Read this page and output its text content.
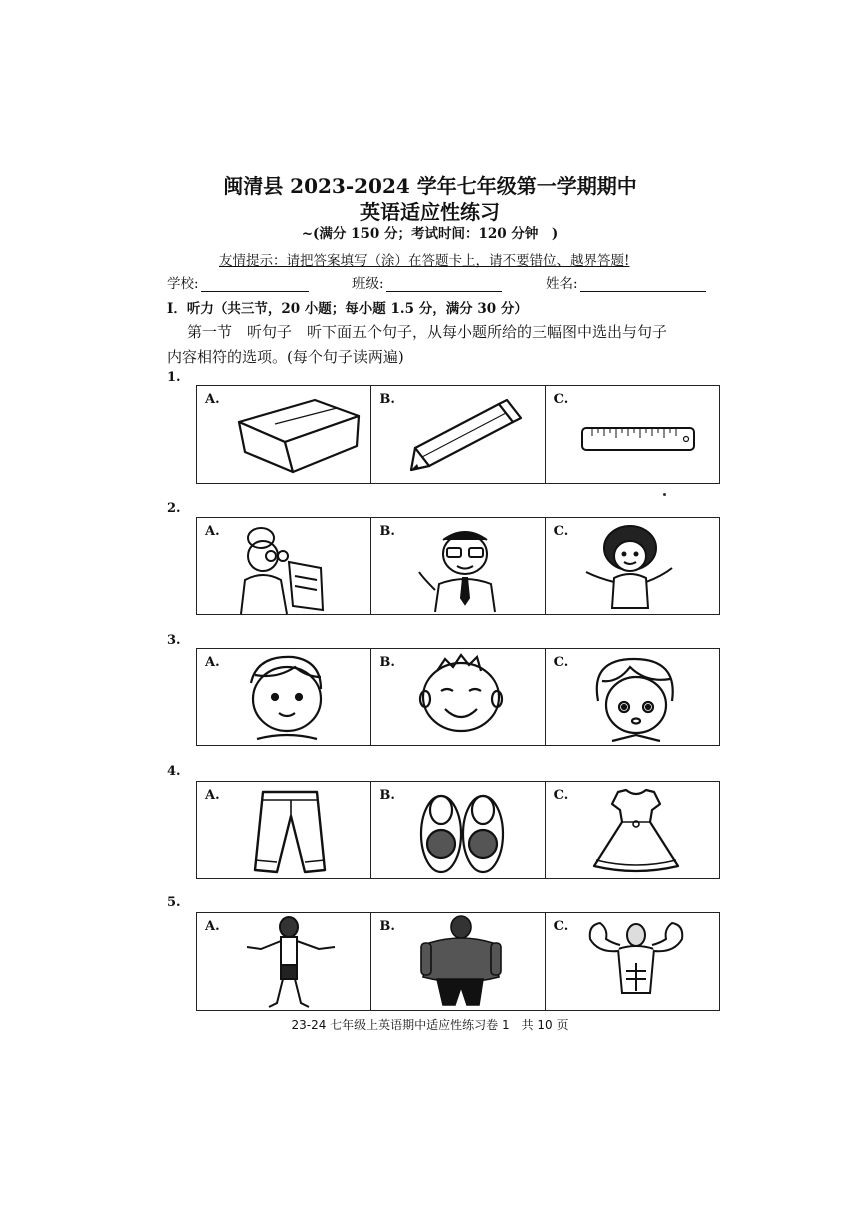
闽清县 2023-2024 学年七年级第一学期期中
英语适应性练习
~(满分 150 分；考试时间：120 分钟　)
友情提示：请把答案填写（涂）在答题卡上，请不要错位、越界答题!
学校:	班级:	姓名:
I．听力（共三节，20 小题；每小题 1.5 分，满分 30 分）
第一节　听句子　听下面五个句子，从每小题所给的三幅图中选出与句子
内容相符的选项。(每个句子读两遍)
1.
A.	B.	C.
2.
A.	B.	C.
3.
A.	B.	C.
4.
A.	B.	C.
5.
A.	B.	C.
23-24 七年级上英语期中适应性练习卷 1　共 10 页
